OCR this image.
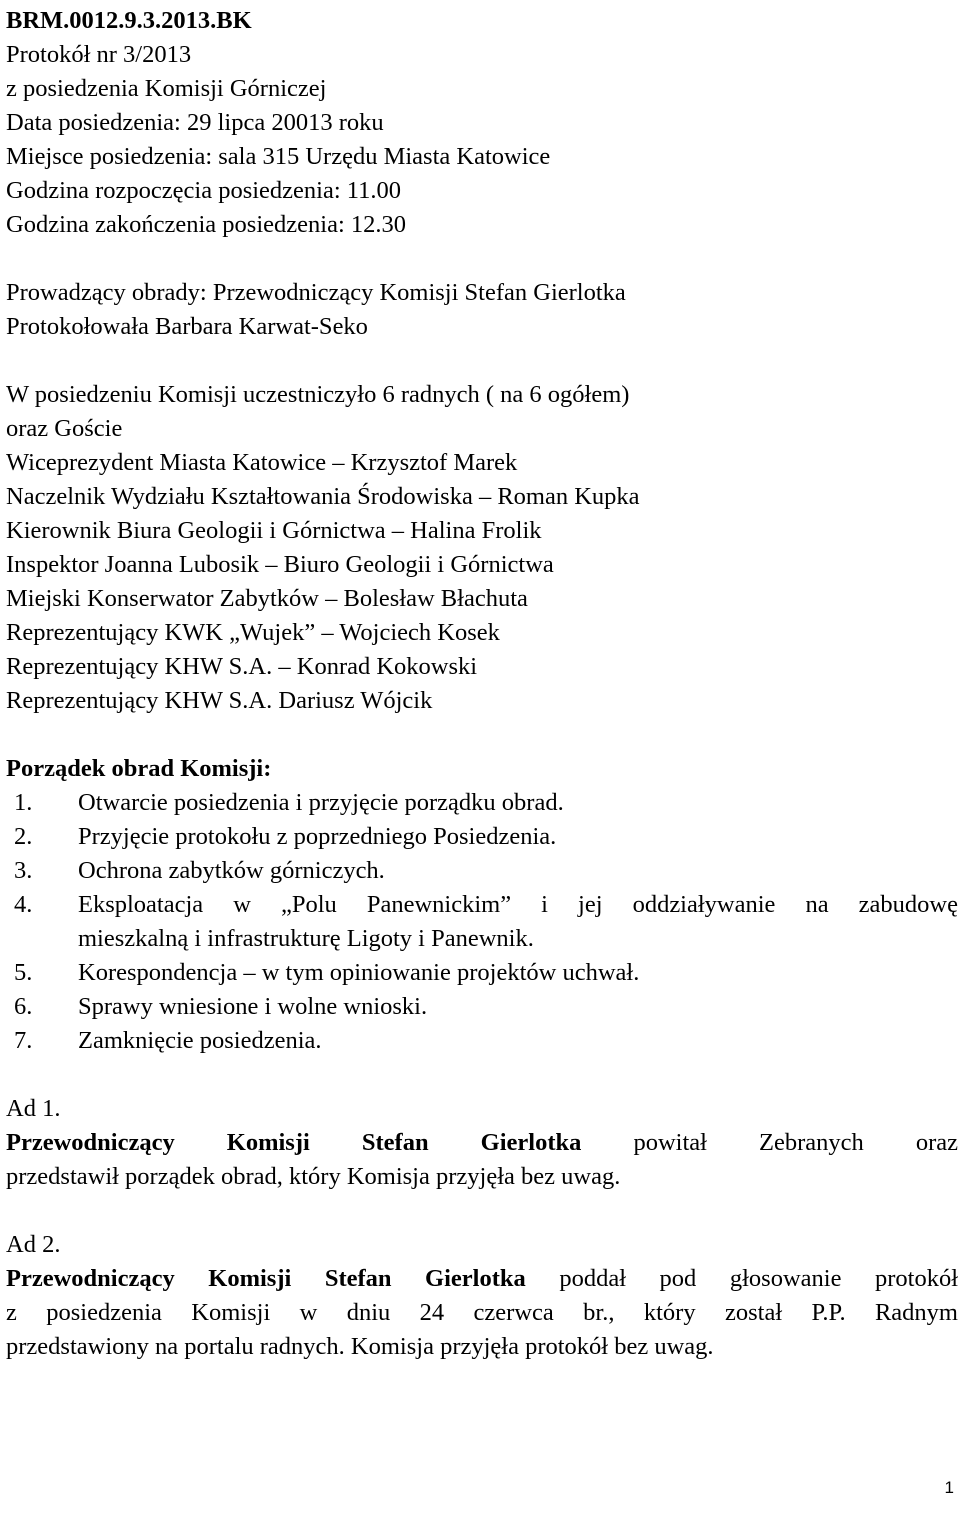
BRM.0012.9.3.2013.BK

Protokół nr 3/2013

z posiedzenia Komisji Górniczej

Data posiedzenia: 29 lipca 20013 roku

Miejsce posiedzenia: sala 315 Urzędu Miasta Katowice

Godzina rozpoczęcia posiedzenia: 11.00

Godzina zakończenia posiedzenia: 12.30

Prowadzący obrady: Przewodniczący Komisji Stefan Gierlotka

Protokołowała Barbara Karwat-Seko

W posiedzeniu Komisji uczestniczyło 6 radnych ( na 6 ogółem)

oraz Goście

Wiceprezydent Miasta Katowice – Krzysztof Marek

Naczelnik Wydziału Kształtowania Środowiska – Roman Kupka

Kierownik Biura Geologii i Górnictwa – Halina Frolik

Inspektor Joanna Lubosik – Biuro Geologii i Górnictwa

Miejski Konserwator Zabytków – Bolesław Błachuta

Reprezentujący KWK „Wujek” – Wojciech Kosek

Reprezentujący KHW S.A. – Konrad Kokowski

Reprezentujący KHW S.A. Dariusz Wójcik

Porządek obrad Komisji:

1. Otwarcie posiedzenia i przyjęcie porządku obrad.
2. Przyjęcie protokołu z poprzedniego Posiedzenia.
3. Ochrona zabytków górniczych.
4. Eksploatacja w „Polu Panewnickim” i jej oddziaływanie na zabudowę
mieszkalną i infrastrukturę Ligoty i Panewnik.
5. Korespondencja – w tym opiniowanie projektów uchwał.
6. Sprawy wniesione i wolne wnioski.
7. Zamknięcie posiedzenia.

Ad 1.

Przewodniczący Komisji Stefan Gierlotka powitał Zebranych oraz
przedstawił porządek obrad, który Komisja przyjęła bez uwag.

Ad 2.

Przewodniczący Komisji Stefan Gierlotka poddał pod głosowanie protokół
z posiedzenia Komisji w dniu 24 czerwca br., który został P.P. Radnym
przedstawiony na portalu radnych. Komisja przyjęła protokół bez uwag.
1
